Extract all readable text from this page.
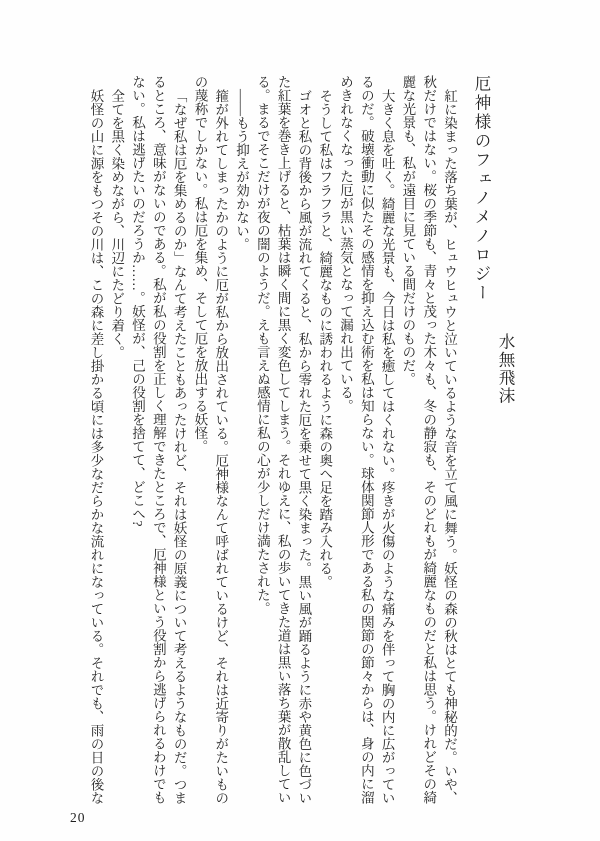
水無飛沫
厄神様のフェノメノロジー

紅に染まった落ち葉が、ヒュウヒュウと泣いているような音を立て風に舞う。妖怪の森の秋はとても神秘的だ。いや、秋だけではない。桜の季節も、青々と茂った木々も、冬の静寂も、そのどれもが綺麗なものだと私は思う。けれどその綺麗な光景も、私が遠目に見ている間だけのものだ。

大きく息を吐く。綺麗な光景も、今日は私を癒してはくれない。疼きが火傷のような痛みを伴って胸の内に広がっているのだ。破壊衝動に似たその感情を抑え込む術を私は知らない。球体関節人形である私の関節の節々からは、身の内に溜めきれなくなった厄が黒い蒸気となって漏れ出ている。

そうして私はフラフラと、綺麗なものに誘われるように森の奥へ足を踏み入れる。

ゴオと私の背後から風が流れてくると、私から零れた厄を乗せて黒く染まった。黒い風が踊るように赤や黄色に色づいた紅葉を巻き上げると、枯葉は瞬く間に黒く変色してしまう。それゆえに、私の歩いてきた道は黒い落ち葉が散乱している。まるでそこだけが夜の闇のようだ。えも言えぬ感情に私の心が少しだけ満たされた。

——もう抑えが効かない。

箍が外れてしまったかのように厄が私から放出されている。厄神様なんて呼ばれているけど、それは近寄りがたいものの蔑称でしかない。私は厄を集め、そして厄を放出する妖怪。

「なぜ私は厄を集めるのか」なんて考えたこともあったけれど、それは妖怪の原義について考えるようなものだ。つまるところ、意味がないのである。私が私の役割を正しく理解できたところで、厄神様という役割から逃げられるわけでもない。私は逃げたいのだろうか……。妖怪が、己の役割を捨てて、どこへ?

全てを黒く染めながら、川辺にたどり着く。

妖怪の山に源をもつその川は、この森に差し掛かる頃には多少なだらかな流れになっている。それでも、雨の日の後な

20
